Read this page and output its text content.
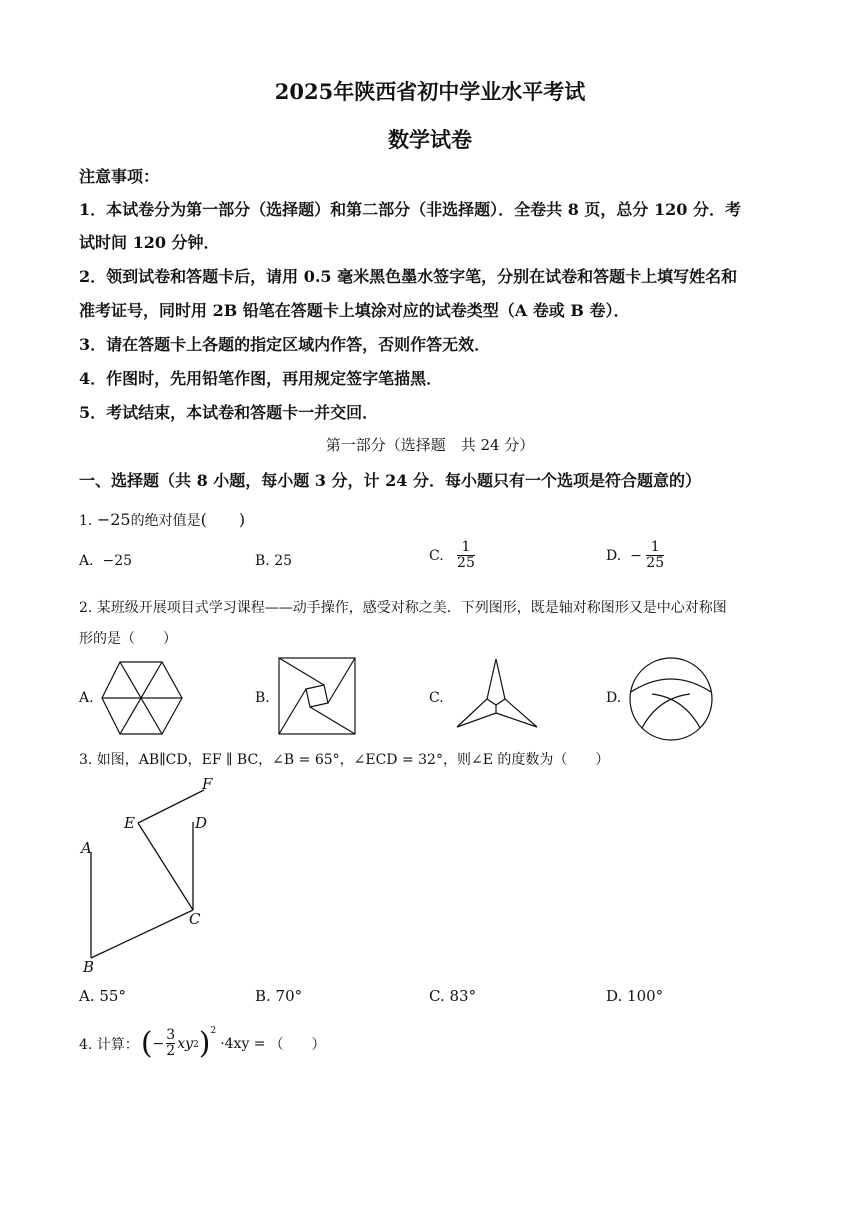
2025年陕西省初中学业水平考试
数学试卷
注意事项：
1．本试卷分为第一部分（选择题）和第二部分（非选择题）．全卷共 8 页，总分 120 分．考
试时间 120 分钟．
2．领到试卷和答题卡后，请用 0.5 毫米黑色墨水签字笔，分别在试卷和答题卡上填写姓名和
准考证号，同时用 2B 铅笔在答题卡上填涂对应的试卷类型（A 卷或 B 卷）．
3．请在答题卡上各题的指定区域内作答，否则作答无效．
4．作图时，先用铅笔作图，再用规定签字笔描黑．
5．考试结束，本试卷和答题卡一并交回．
第一部分（选择题　共 24 分）
一、选择题（共 8 小题，每小题 3 分，计 24 分．每小题只有一个选项是符合题意的）
1. −25的绝对值是(　　)
A. −25	B. 25	C. $\frac{1}{25}$	D. − $\frac{1}{25}$
2. 某班级开展项目式学习课程——动手操作，感受对称之美．下列图形，既是轴对称图形又是中心对称图
形的是（　　）
A.	B.	C.	D.
3. 如图，AB∥CD，EF ∥ BC，∠B = 65°，∠ECD = 32°，则∠E 的度数为（　　）
A
B
C
D
E
F
A. 55°	B. 70°	C. 83°	D. 100°
4. 计算： ( − $\frac{3}{2}$ xy 2 )$^2$
·4xy = （　　）
